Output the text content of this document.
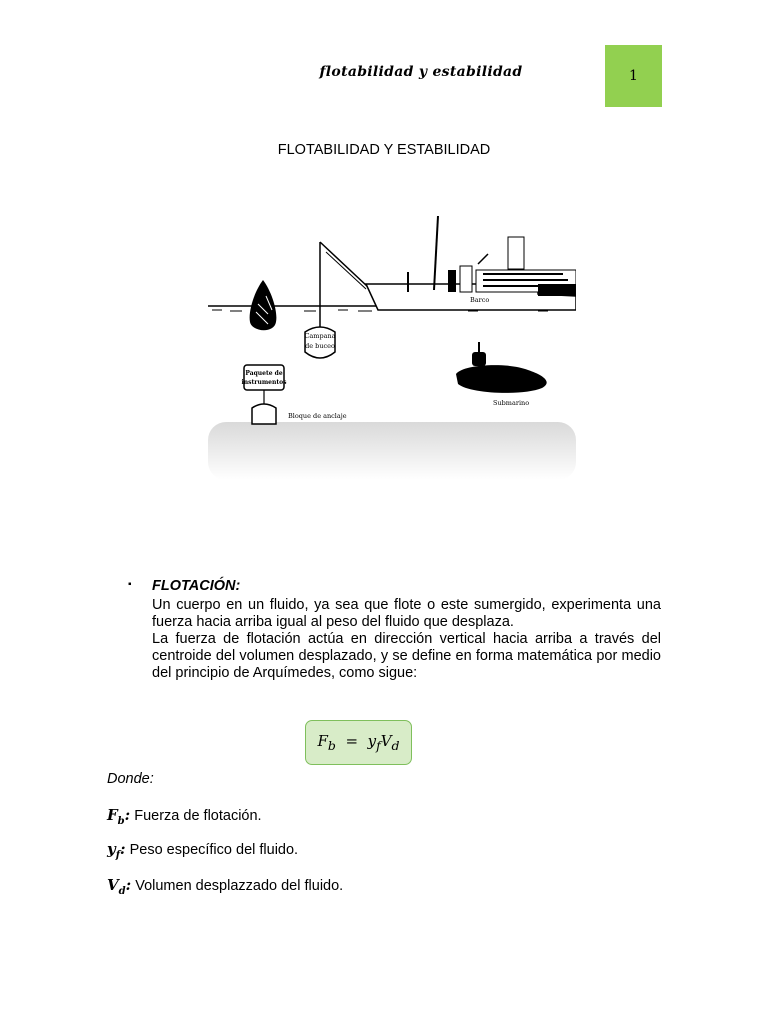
flotabilidad y estabilidad	1
FLOTABILIDAD Y ESTABILIDAD
Campana
de buceo
Barco
Paquete de
instrumentos
Bloque de anclaje
Submarino
▪ FLOTACIÓN:

Un cuerpo en un fluido, ya sea que flote o este sumergido, experimenta una fuerza hacia arriba igual al peso del fluido que desplaza.

La fuerza de flotación actúa en dirección vertical hacia arriba a través del centroide del volumen desplazado, y se define en forma matemática por medio del principio de Arquímedes, como sigue:

$F_b = y_fV_d$
Donde:
$F_b$: Fuerza de flotación.
$y_f$: Peso específico del fluido.
$V_d$: Volumen desplazzado del fluido.
